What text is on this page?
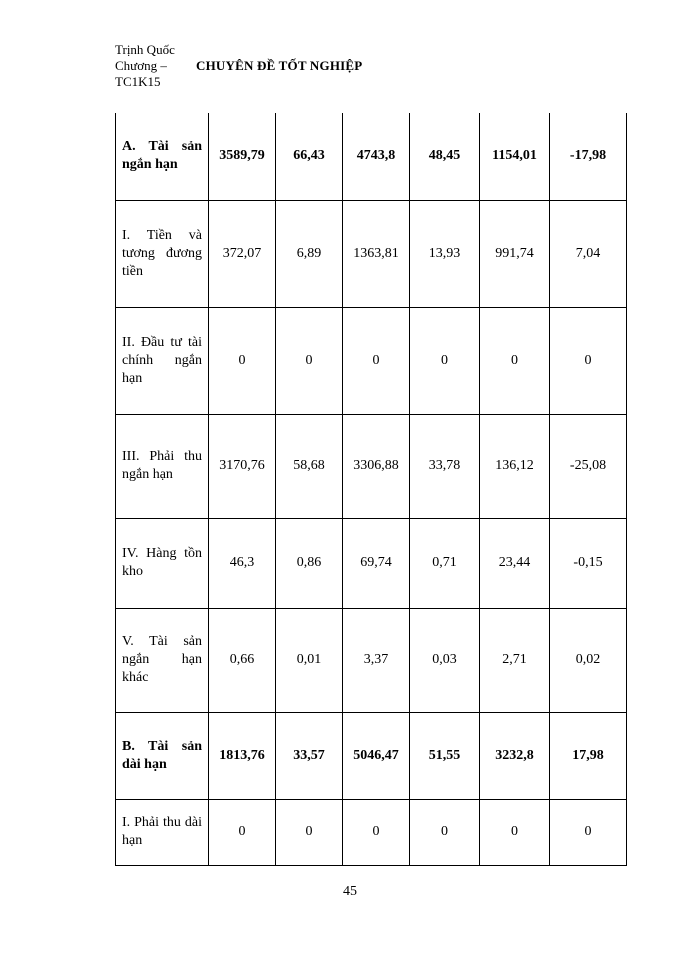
Trịnh Quốc
Chương –
TC1K15
CHUYÊN ĐỀ TỐT NGHIỆP
A. Tài sản ngắn hạn	3589,79	66,43	4743,8	48,45	1154,01	-17,98
I. Tiền và tương đương tiền	372,07	6,89	1363,81	13,93	991,74	7,04
II. Đầu tư tài chính ngắn hạn	0	0	0	0	0	0
III. Phải thu ngắn hạn	3170,76	58,68	3306,88	33,78	136,12	-25,08
IV. Hàng tồn kho	46,3	0,86	69,74	0,71	23,44	-0,15
V. Tài sản ngắn hạn khác	0,66	0,01	3,37	0,03	2,71	0,02
B. Tài sản dài hạn	1813,76	33,57	5046,47	51,55	3232,8	17,98
I. Phải thu dài hạn	0	0	0	0	0	0
45
